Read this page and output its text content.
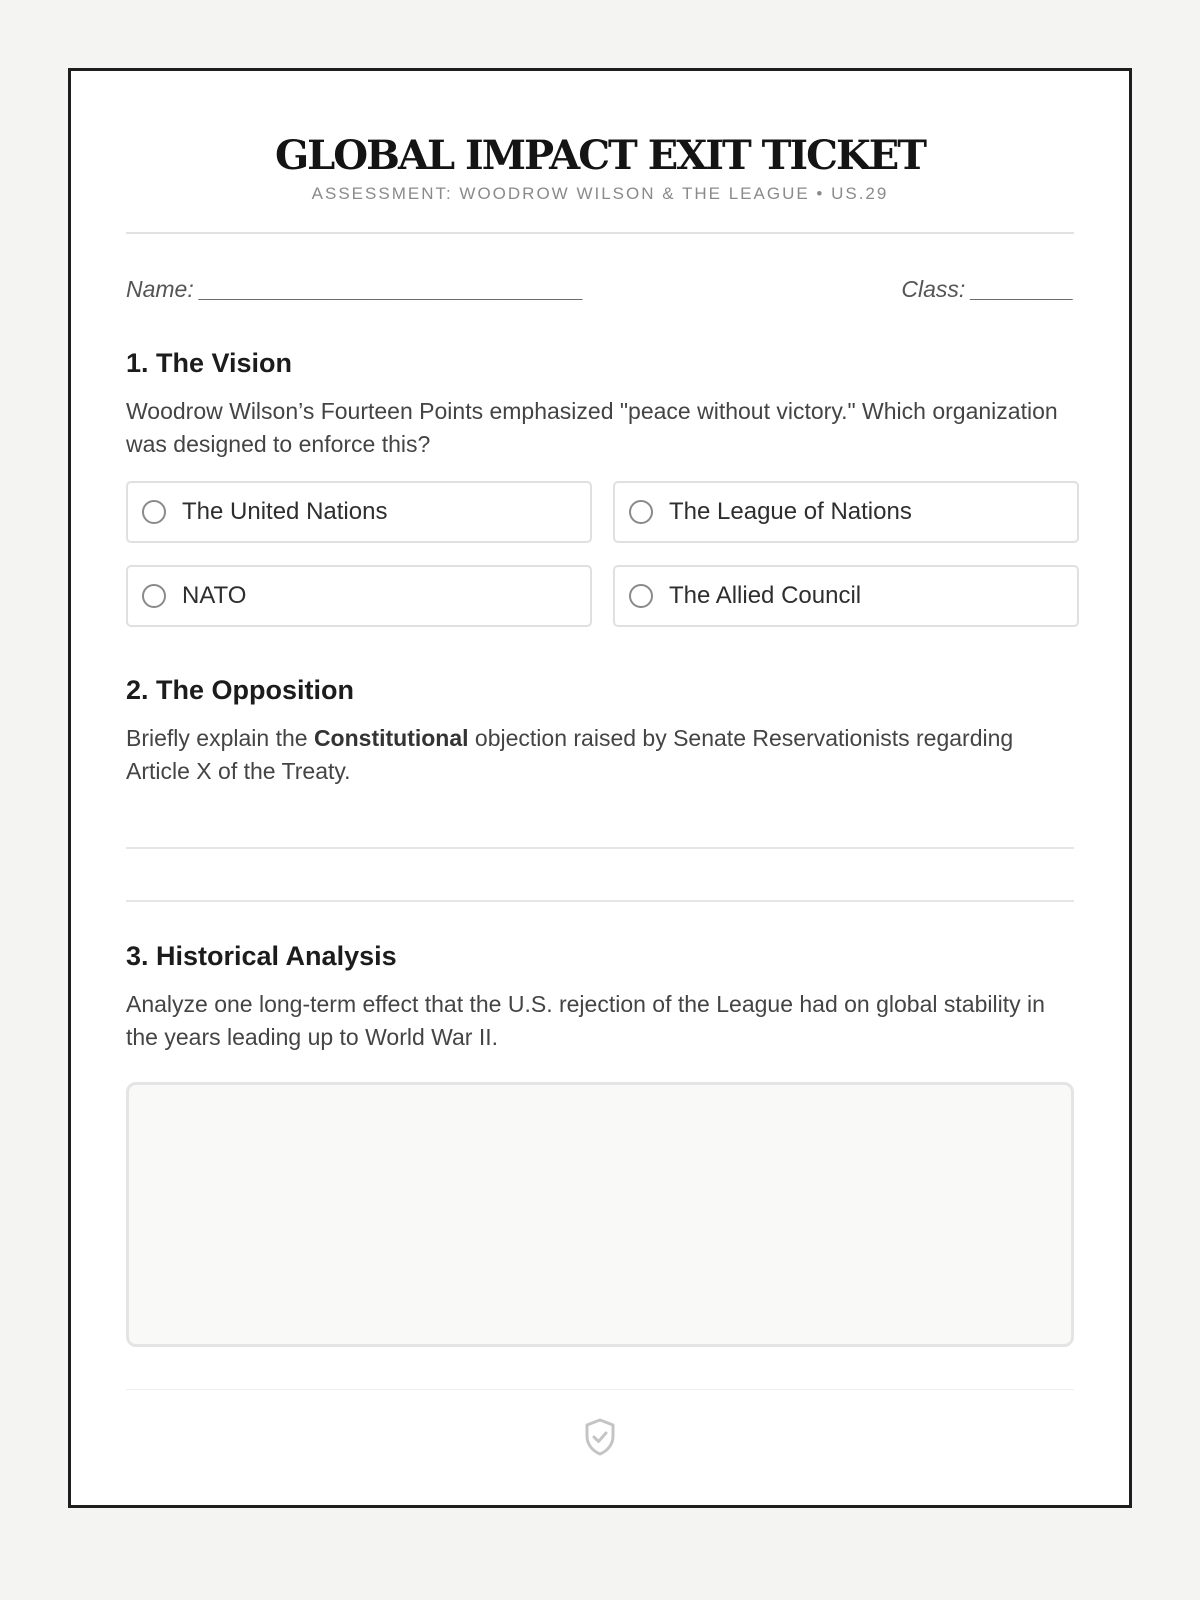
GLOBAL IMPACT EXIT TICKET
ASSESSMENT: WOODROW WILSON & THE LEAGUE • US.29
Name: ______________________________	Class: ________
1. The Vision
Woodrow Wilson’s Fourteen Points emphasized "peace without victory." Which organization was designed to enforce this?
The United Nations	The League of Nations
NATO	The Allied Council
2. The Opposition
Briefly explain the Constitutional objection raised by Senate Reservationists regarding Article X of the Treaty.
3. Historical Analysis
Analyze one long-term effect that the U.S. rejection of the League had on global stability in the years leading up to World War II.
